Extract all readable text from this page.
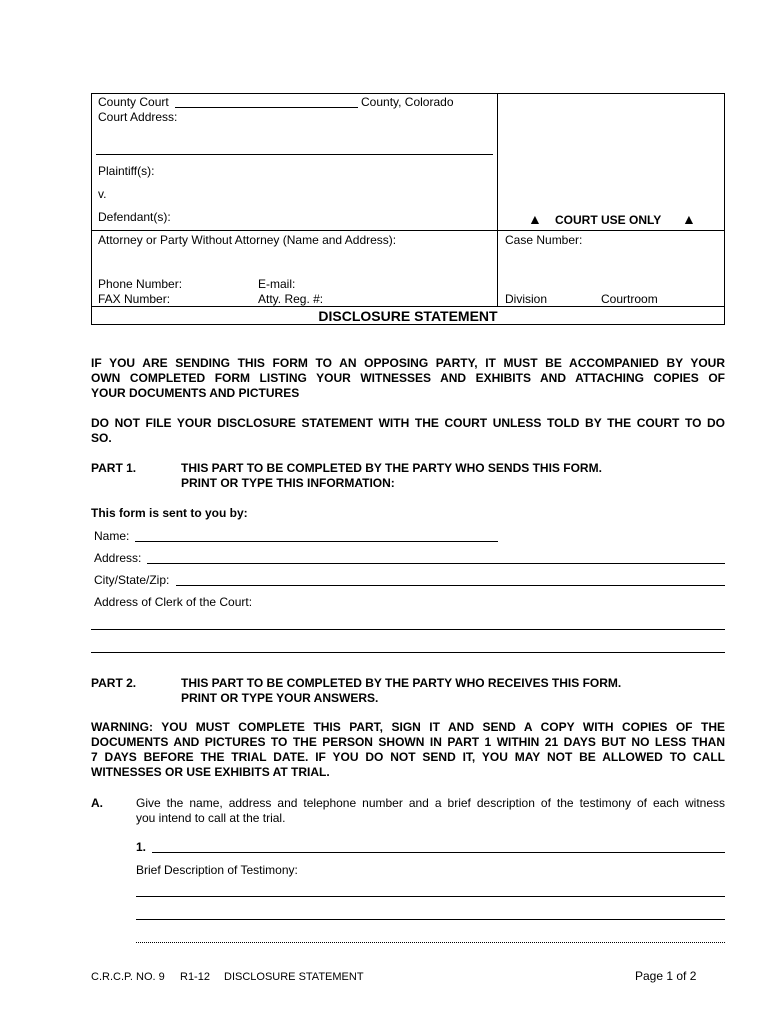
County Court	County, Colorado
Court Address:
Plaintiff(s):
v.
Defendant(s):	▲ COURT USE ONLY ▲
Attorney or Party Without Attorney (Name and Address):	Case Number:
Phone Number:	E-mail:
FAX Number:	Atty. Reg. #:	Division	Courtroom
DISCLOSURE STATEMENT
IF YOU ARE SENDING THIS FORM TO AN OPPOSING PARTY, IT MUST BE ACCOMPANIED BY YOUR
OWN COMPLETED FORM LISTING YOUR WITNESSES AND EXHIBITS AND ATTACHING COPIES OF
YOUR DOCUMENTS AND PICTURES
DO NOT FILE YOUR DISCLOSURE STATEMENT WITH THE COURT UNLESS TOLD BY THE COURT TO DO
SO.
PART 1.	THIS PART TO BE COMPLETED BY THE PARTY WHO SENDS THIS FORM.
PRINT OR TYPE THIS INFORMATION:
This form is sent to you by:
Name:
Address:
City/State/Zip:
Address of Clerk of the Court:
PART 2.	THIS PART TO BE COMPLETED BY THE PARTY WHO RECEIVES THIS FORM.
PRINT OR TYPE YOUR ANSWERS.
WARNING: YOU MUST COMPLETE THIS PART, SIGN IT AND SEND A COPY WITH COPIES OF THE
DOCUMENTS AND PICTURES TO THE PERSON SHOWN IN PART 1 WITHIN 21 DAYS BUT NO LESS THAN
7 DAYS BEFORE THE TRIAL DATE. IF YOU DO NOT SEND IT, YOU MAY NOT BE ALLOWED TO CALL
WITNESSES OR USE EXHIBITS AT TRIAL.
A.	Give the name, address and telephone number and a brief description of the testimony of each witness
you intend to call at the trial.
1.
Brief Description of Testimony:
C.R.C.P. NO. 9 R1-12 DISCLOSURE STATEMENT	Page 1 of 2
